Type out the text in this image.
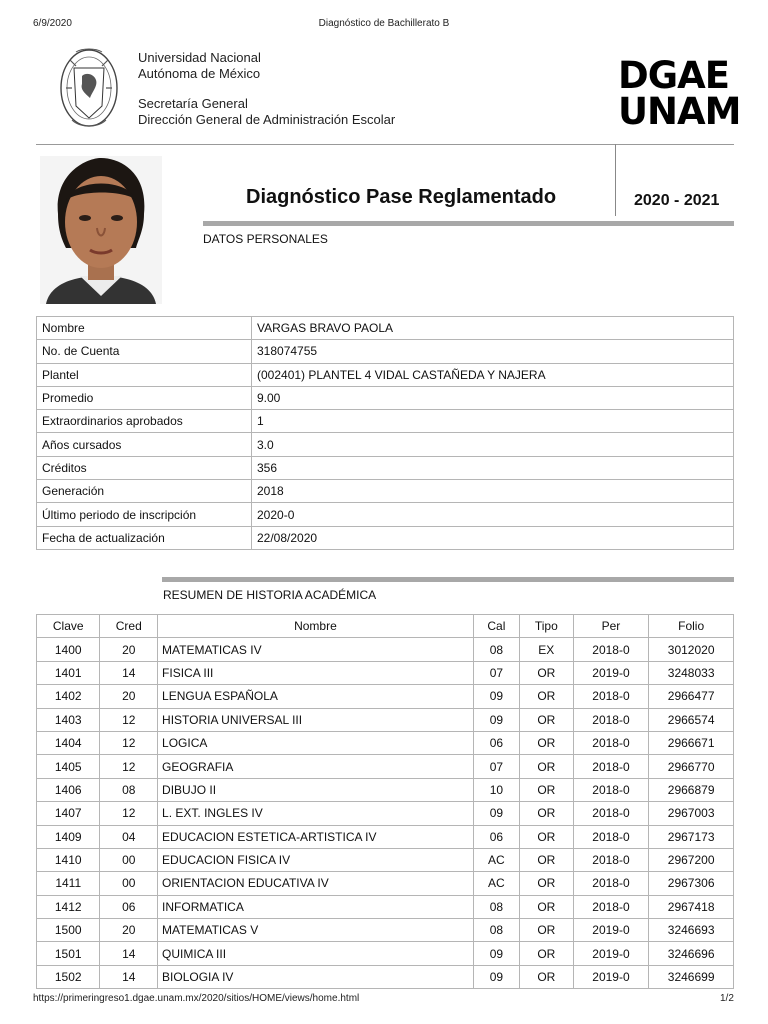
6/9/2020	Diagnóstico de Bachillerato B
Universidad Nacional
Autónoma de México
Secretaría General
Dirección General de Administración Escolar
DGAE
UNAM
Diagnóstico Pase Reglamentado	2020 - 2021
DATOS PERSONALES
Nombre	VARGAS BRAVO PAOLA
No. de Cuenta	318074755
Plantel	(002401) PLANTEL 4 VIDAL CASTAÑEDA Y NAJERA
Promedio	9.00
Extraordinarios aprobados	1
Años cursados	3.0
Créditos	356
Generación	2018
Último periodo de inscripción	2020-0
Fecha de actualización	22/08/2020
RESUMEN DE HISTORIA ACADÉMICA
Clave	Cred	Nombre	Cal	Tipo	Per	Folio
1400	20	MATEMATICAS IV	08	EX	2018-0	3012020
1401	14	FISICA III	07	OR	2019-0	3248033
1402	20	LENGUA ESPAÑOLA	09	OR	2018-0	2966477
1403	12	HISTORIA UNIVERSAL III	09	OR	2018-0	2966574
1404	12	LOGICA	06	OR	2018-0	2966671
1405	12	GEOGRAFIA	07	OR	2018-0	2966770
1406	08	DIBUJO II	10	OR	2018-0	2966879
1407	12	L. EXT. INGLES IV	09	OR	2018-0	2967003
1409	04	EDUCACION ESTETICA-ARTISTICA IV	06	OR	2018-0	2967173
1410	00	EDUCACION FISICA IV	AC	OR	2018-0	2967200
1411	00	ORIENTACION EDUCATIVA IV	AC	OR	2018-0	2967306
1412	06	INFORMATICA	08	OR	2018-0	2967418
1500	20	MATEMATICAS V	08	OR	2019-0	3246693
1501	14	QUIMICA III	09	OR	2019-0	3246696
1502	14	BIOLOGIA IV	09	OR	2019-0	3246699
https://primeringreso1.dgae.unam.mx/2020/sitios/HOME/views/home.html	1/2
